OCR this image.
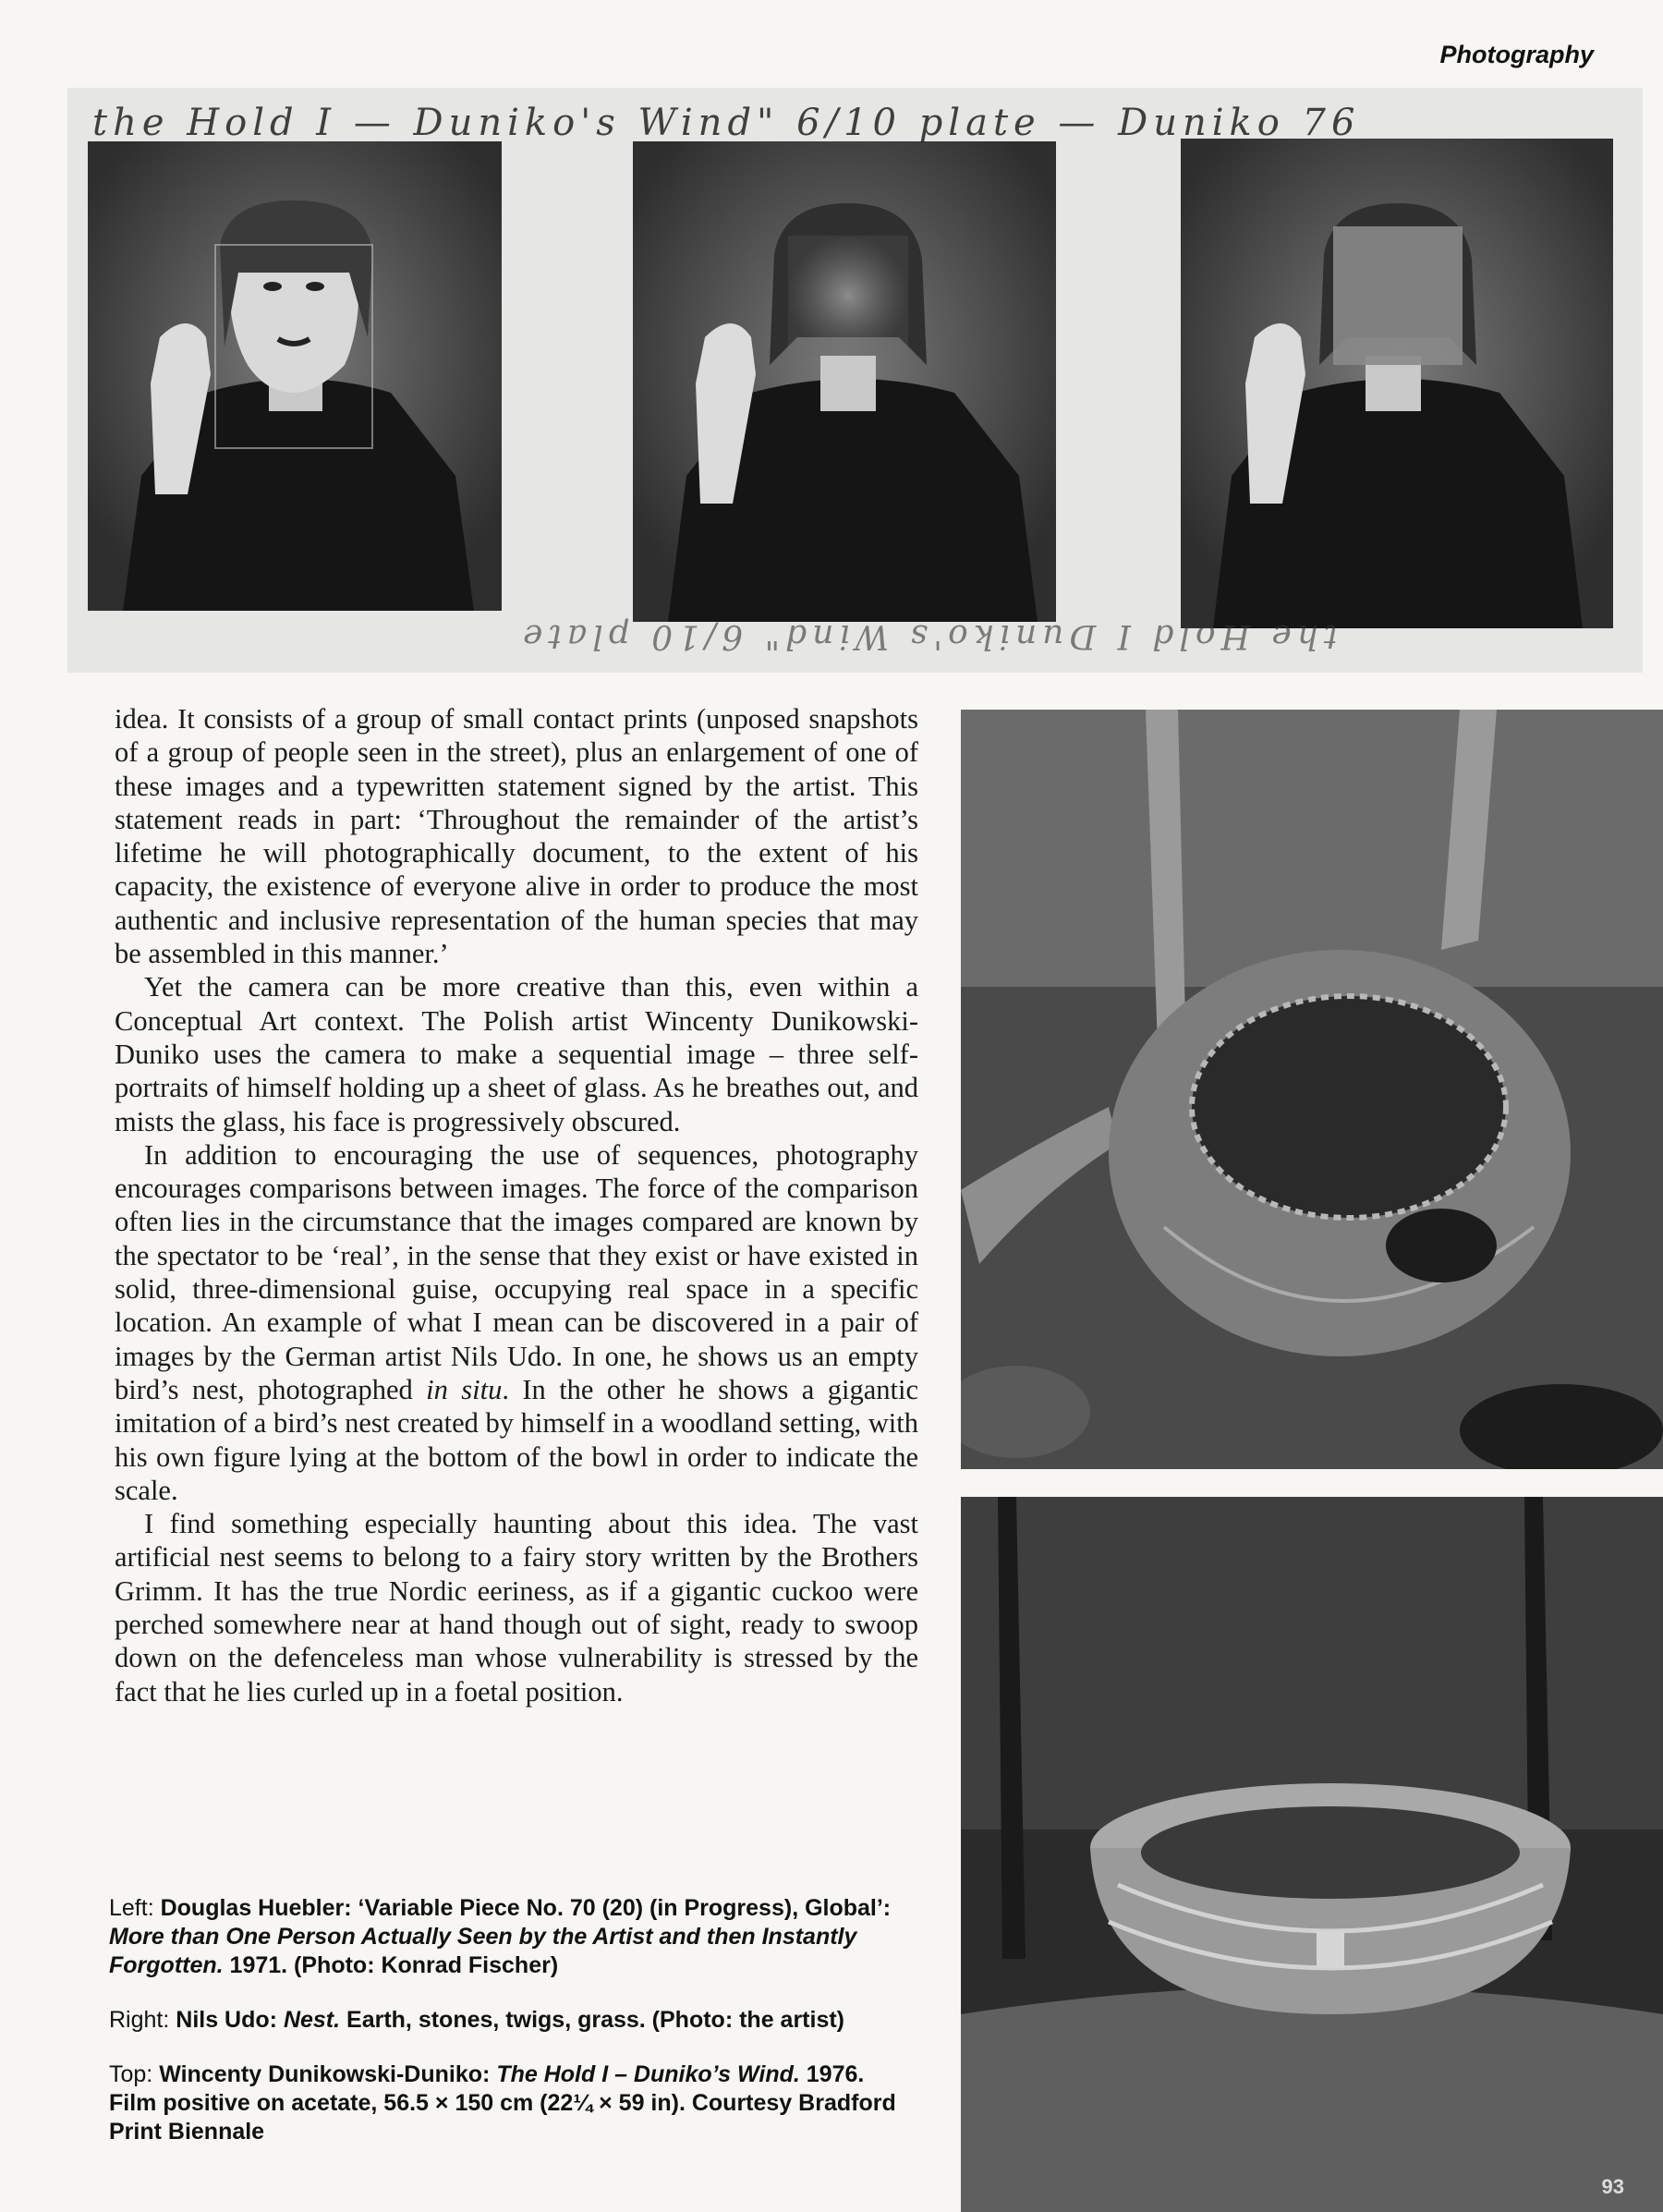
Photography
the Hold I — Duniko's Wind" 6/10 plate — Duniko 76
the Hold I Duniko's Wind" 6/10 plate

idea. It consists of a group of small contact prints (unposed snapshots of a group of people seen in the street), plus an enlargement of one of these images and a typewritten statement signed by the artist. This statement reads in part: ‘Throughout the remainder of the artist’s lifetime he will photographically document, to the extent of his capacity, the existence of everyone alive in order to produce the most authentic and inclusive representation of the human species that may be assembled in this manner.’

Yet the camera can be more creative than this, even within a Conceptual Art context. The Polish artist Wincenty Dunikowski-Duniko uses the camera to make a sequential image – three self-portraits of himself holding up a sheet of glass. As he breathes out, and mists the glass, his face is progressively obscured.

In addition to encouraging the use of sequences, photography encourages comparisons between images. The force of the comparison often lies in the circumstance that the images compared are known by the spectator to be ‘real’, in the sense that they exist or have existed in solid, three-dimensional guise, occupying real space in a specific location. An example of what I mean can be discovered in a pair of images by the German artist Nils Udo. In one, he shows us an empty bird’s nest, photographed in situ. In the other he shows a gigantic imitation of a bird’s nest created by himself in a woodland setting, with his own figure lying at the bottom of the bowl in order to indicate the scale.

I find something especially haunting about this idea. The vast artificial nest seems to belong to a fairy story written by the Brothers Grimm. It has the true Nordic eeriness, as if a gigantic cuckoo were perched somewhere near at hand though out of sight, ready to swoop down on the defenceless man whose vulnerability is stressed by the fact that he lies curled up in a foetal position.

Left: Douglas Huebler: ‘Variable Piece No. 70 (20) (in Progress), Global’: More than One Person Actually Seen by the Artist and then Instantly Forgotten. 1971. (Photo: Konrad Fischer)
Right: Nils Udo: Nest. Earth, stones, twigs, grass. (Photo: the artist)
Top: Wincenty Dunikowski-Duniko: The Hold I – Duniko’s Wind. 1976. Film positive on acetate, 56.5 × 150 cm (22¼ × 59 in). Courtesy Bradford Print Biennale
93
